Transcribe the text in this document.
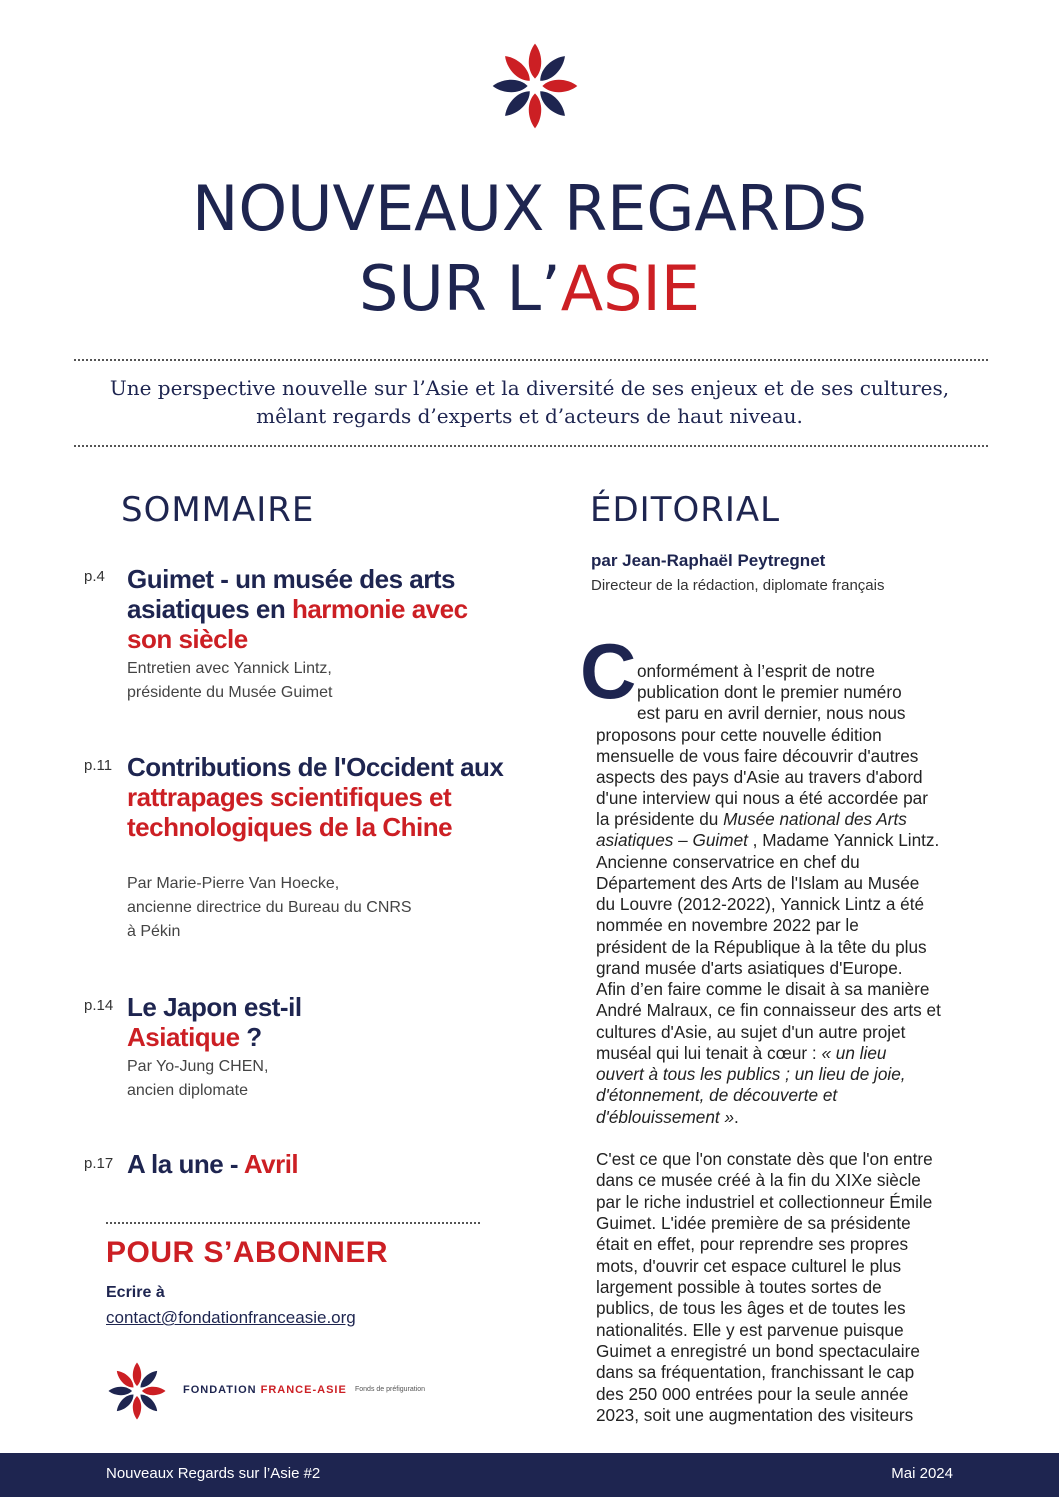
NOUVEAUX REGARDS
SUR L’ASIE
Une perspective nouvelle sur l’Asie et la diversité de ses enjeux et de ses cultures,
mêlant regards d’experts et d’acteurs de haut niveau.
SOMMAIRE
p.4 Guimet - un musée des arts asiatiques en harmonie avec son siècle
Entretien avec Yannick Lintz,
présidente du Musée Guimet
p.11 Contributions de l'Occident aux rattrapages scientifiques et technologiques de la Chine
Par Marie-Pierre Van Hoecke,
ancienne directrice du Bureau du CNRS
à Pékin
p.14 Le Japon est-il
Asiatique ?
Par Yo-Jung CHEN,
ancien diplomate
p.17 A la une - Avril
POUR S’ABONNER
Ecrire à
contact@fondationfranceasie.org
FONDATION FRANCE-ASIE Fonds de préfiguration
ÉDITORIAL
par Jean-Raphaël Peytregnet
Directeur de la rédaction, diplomate français
C onformément à l’esprit de notre
publication dont le premier numéro
est paru en avril dernier, nous nous
proposons pour cette nouvelle édition
mensuelle de vous faire découvrir d'autres
aspects des pays d'Asie au travers d'abord
d'une interview qui nous a été accordée par
la présidente du Musée national des Arts
asiatiques – Guimet , Madame Yannick Lintz.
Ancienne conservatrice en chef du
Département des Arts de l'Islam au Musée
du Louvre (2012-2022), Yannick Lintz a été
nommée en novembre 2022 par le
président de la République à la tête du plus
grand musée d'arts asiatiques d'Europe.
Afin d’en faire comme le disait à sa manière
André Malraux, ce fin connaisseur des arts et
cultures d'Asie, au sujet d'un autre projet
muséal qui lui tenait à cœur : « un lieu
ouvert à tous les publics ; un lieu de joie,
d'étonnement, de découverte et
d'éblouissement ».
C'est ce que l'on constate dès que l'on entre
dans ce musée créé à la fin du XIXe siècle
par le riche industriel et collectionneur Émile
Guimet. L'idée première de sa présidente
était en effet, pour reprendre ses propres
mots, d'ouvrir cet espace culturel le plus
largement possible à toutes sortes de
publics, de tous les âges et de toutes les
nationalités. Elle y est parvenue puisque
Guimet a enregistré un bond spectaculaire
dans sa fréquentation, franchissant le cap
des 250 000 entrées pour la seule année
2023, soit une augmentation des visiteurs
Nouveaux Regards sur l’Asie #2	Mai 2024
